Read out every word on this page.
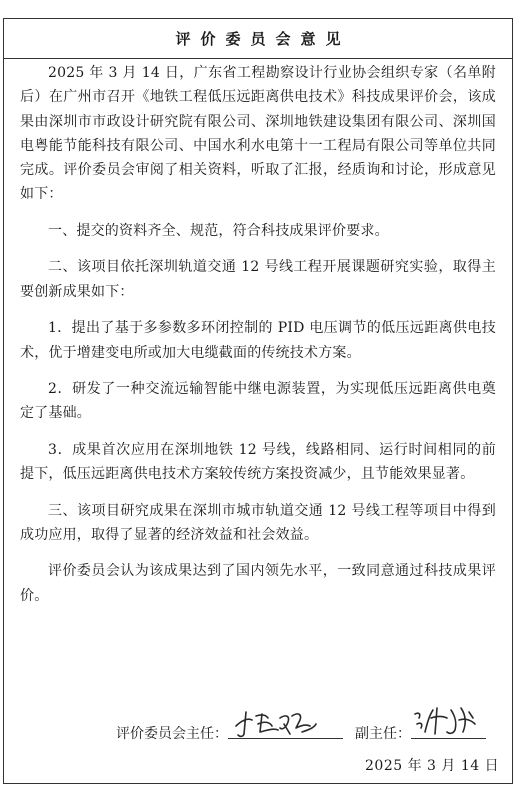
评价委员会意见

2025 年 3 月 14 日，广东省工程勘察设计行业协会组织专家（名单附后）在广州市召开《地铁工程低压远距离供电技术》科技成果评价会，该成果由深圳市市政设计研究院有限公司、深圳地铁建设集团有限公司、深圳国电粤能节能科技有限公司、中国水利水电第十一工程局有限公司等单位共同完成。评价委员会审阅了相关资料，听取了汇报，经质询和讨论，形成意见如下：

一、提交的资料齐全、规范，符合科技成果评价要求。

二、该项目依托深圳轨道交通 12 号线工程开展课题研究实验，取得主要创新成果如下：

1．提出了基于多参数多环闭控制的 PID 电压调节的低压远距离供电技术，优于增建变电所或加大电缆截面的传统技术方案。

2．研发了一种交流远输智能中继电源装置，为实现低压远距离供电奠定了基础。

3．成果首次应用在深圳地铁 12 号线，线路相同、运行时间相同的前提下，低压远距离供电技术方案较传统方案投资减少，且节能效果显著。

三、该项目研究成果在深圳市城市轨道交通 12 号线工程等项目中得到成功应用，取得了显著的经济效益和社会效益。

评价委员会认为该成果达到了国内领先水平，一致同意通过科技成果评价。

评价委员会主任：	副主任：
2025 年 3 月 14 日
